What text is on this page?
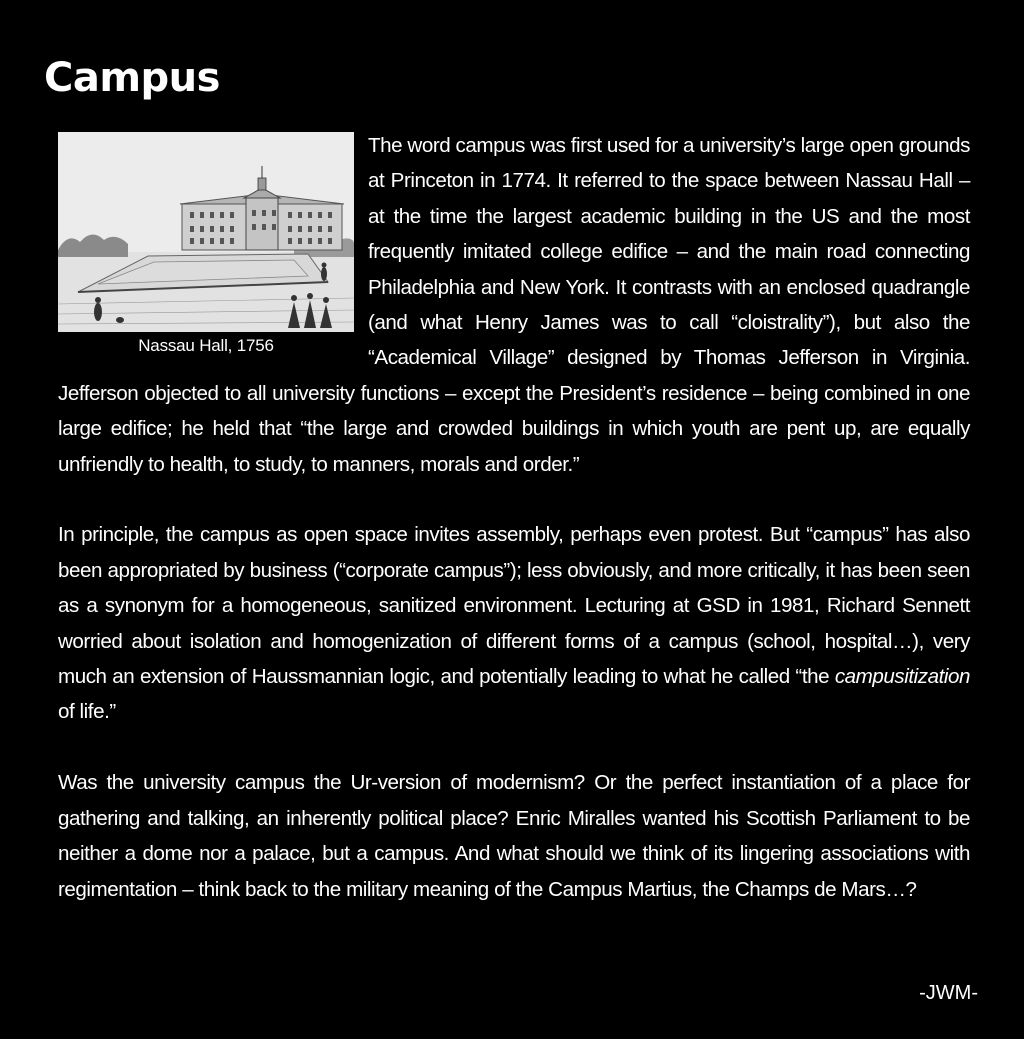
Campus
Nassau Hall, 1756

The word campus was first used for a university’s large open grounds at Princeton in 1774. It referred to the space between Nassau Hall –at the time the largest academic building in the US and the most frequently imitated college edifice – and the main road connecting Philadelphia and New York. It contrasts with an enclosed quadrangle (and what Henry James was to call “cloistrality”), but also the “Academical Village” designed by Thomas Jefferson in Virginia. Jefferson objected to all university functions – except the President’s residence – being combined in one large edifice; he held that “the large and crowded buildings in which youth are pent up, are equally unfriendly to health, to study, to manners, morals and order.”

In principle, the campus as open space invites assembly, perhaps even protest. But “campus” has also been appropriated by business (“corporate campus”); less obviously, and more critically, it has been seen as a synonym for a homogeneous, sanitized environment. Lecturing at GSD in 1981, Richard Sennett worried about isolation and homogenization of different forms of a campus (school, hospital…), very much an extension of Haussmannian logic, and potentially leading to what he called “the campusitization of life.”

Was the university campus the Ur-version of modernism? Or the perfect instantiation of a place for gathering and talking, an inherently political place? Enric Miralles wanted his Scottish Parliament to be neither a dome nor a palace, but a campus. And what should we think of its lingering associations with regimentation – think back to the military meaning of the Campus Martius, the Champs de Mars…?

-JWM-
